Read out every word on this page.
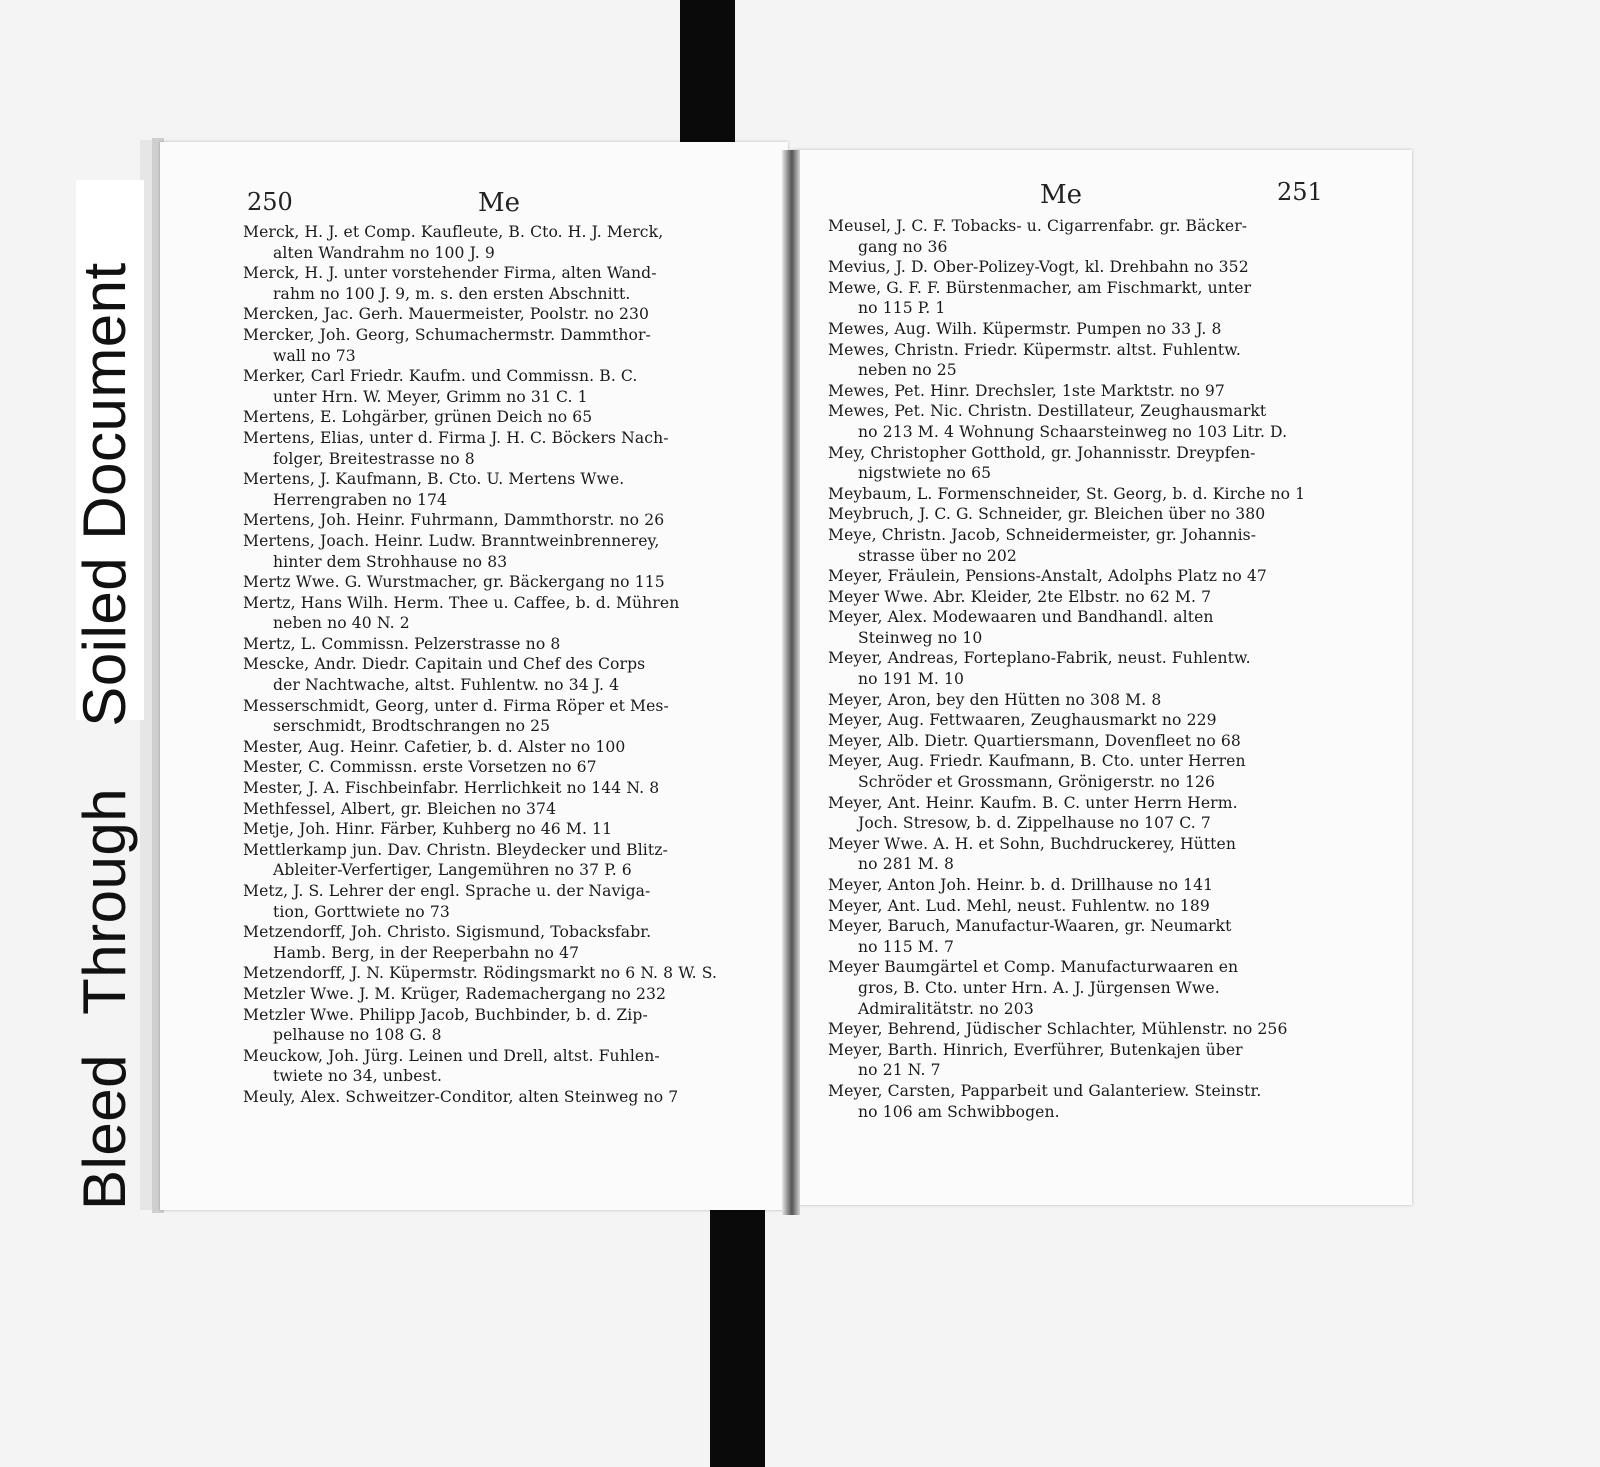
Bleed Through Soiled Document
250	Me	Me	251
Merck, H. J. et Comp. Kaufleute, B. Cto. H. J. Merck,
alten Wandrahm no 100 J. 9
Merck, H. J. unter vorstehender Firma, alten Wand-
rahm no 100 J. 9, m. s. den ersten Abschnitt.
Mercken, Jac. Gerh. Mauermeister, Poolstr. no 230
Mercker, Joh. Georg, Schumachermstr. Dammthor-
wall no 73
Merker, Carl Friedr. Kaufm. und Commissn. B. C.
unter Hrn. W. Meyer, Grimm no 31 C. 1
Mertens, E. Lohgärber, grünen Deich no 65
Mertens, Elias, unter d. Firma J. H. C. Böckers Nach-
folger, Breitestrasse no 8
Mertens, J. Kaufmann, B. Cto. U. Mertens Wwe.
Herrengraben no 174
Mertens, Joh. Heinr. Fuhrmann, Dammthorstr. no 26
Mertens, Joach. Heinr. Ludw. Branntweinbrennerey,
hinter dem Strohhause no 83
Mertz Wwe. G. Wurstmacher, gr. Bäckergang no 115
Mertz, Hans Wilh. Herm. Thee u. Caffee, b. d. Mühren
neben no 40 N. 2
Mertz, L. Commissn. Pelzerstrasse no 8
Mescke, Andr. Diedr. Capitain und Chef des Corps
der Nachtwache, altst. Fuhlentw. no 34 J. 4
Messerschmidt, Georg, unter d. Firma Röper et Mes-
serschmidt, Brodtschrangen no 25
Mester, Aug. Heinr. Cafetier, b. d. Alster no 100
Mester, C. Commissn. erste Vorsetzen no 67
Mester, J. A. Fischbeinfabr. Herrlichkeit no 144 N. 8
Methfessel, Albert, gr. Bleichen no 374
Metje, Joh. Hinr. Färber, Kuhberg no 46 M. 11
Mettlerkamp jun. Dav. Christn. Bleydecker und Blitz-
Ableiter-Verfertiger, Langemühren no 37 P. 6
Metz, J. S. Lehrer der engl. Sprache u. der Naviga-
tion, Gorttwiete no 73
Metzendorff, Joh. Christo. Sigismund, Tobacksfabr.
Hamb. Berg, in der Reeperbahn no 47
Metzendorff, J. N. Küpermstr. Rödingsmarkt no 6 N. 8 W. S.
Metzler Wwe. J. M. Krüger, Rademachergang no 232
Metzler Wwe. Philipp Jacob, Buchbinder, b. d. Zip-
pelhause no 108 G. 8
Meuckow, Joh. Jürg. Leinen und Drell, altst. Fuhlen-
twiete no 34, unbest.
Meuly, Alex. Schweitzer-Conditor, alten Steinweg no 7
Meusel, J. C. F. Tobacks- u. Cigarrenfabr. gr. Bäcker-
gang no 36
Mevius, J. D. Ober-Polizey-Vogt, kl. Drehbahn no 352
Mewe, G. F. F. Bürstenmacher, am Fischmarkt, unter
no 115 P. 1
Mewes, Aug. Wilh. Küpermstr. Pumpen no 33 J. 8
Mewes, Christn. Friedr. Küpermstr. altst. Fuhlentw.
neben no 25
Mewes, Pet. Hinr. Drechsler, 1ste Marktstr. no 97
Mewes, Pet. Nic. Christn. Destillateur, Zeughausmarkt
no 213 M. 4 Wohnung Schaarsteinweg no 103 Litr. D.
Mey, Christopher Gotthold, gr. Johannisstr. Dreypfen-
nigstwiete no 65
Meybaum, L. Formenschneider, St. Georg, b. d. Kirche no 1
Meybruch, J. C. G. Schneider, gr. Bleichen über no 380
Meye, Christn. Jacob, Schneidermeister, gr. Johannis-
strasse über no 202
Meyer, Fräulein, Pensions-Anstalt, Adolphs Platz no 47
Meyer Wwe. Abr. Kleider, 2te Elbstr. no 62 M. 7
Meyer, Alex. Modewaaren und Bandhandl. alten
Steinweg no 10
Meyer, Andreas, Forteplano-Fabrik, neust. Fuhlentw.
no 191 M. 10
Meyer, Aron, bey den Hütten no 308 M. 8
Meyer, Aug. Fettwaaren, Zeughausmarkt no 229
Meyer, Alb. Dietr. Quartiersmann, Dovenfleet no 68
Meyer, Aug. Friedr. Kaufmann, B. Cto. unter Herren
Schröder et Grossmann, Grönigerstr. no 126
Meyer, Ant. Heinr. Kaufm. B. C. unter Herrn Herm.
Joch. Stresow, b. d. Zippelhause no 107 C. 7
Meyer Wwe. A. H. et Sohn, Buchdruckerey, Hütten
no 281 M. 8
Meyer, Anton Joh. Heinr. b. d. Drillhause no 141
Meyer, Ant. Lud. Mehl, neust. Fuhlentw. no 189
Meyer, Baruch, Manufactur-Waaren, gr. Neumarkt
no 115 M. 7
Meyer Baumgärtel et Comp. Manufacturwaaren en
gros, B. Cto. unter Hrn. A. J. Jürgensen Wwe.
Admiralitätstr. no 203
Meyer, Behrend, Jüdischer Schlachter, Mühlenstr. no 256
Meyer, Barth. Hinrich, Everführer, Butenkajen über
no 21 N. 7
Meyer, Carsten, Papparbeit und Galanteriew. Steinstr.
no 106 am Schwibbogen.
